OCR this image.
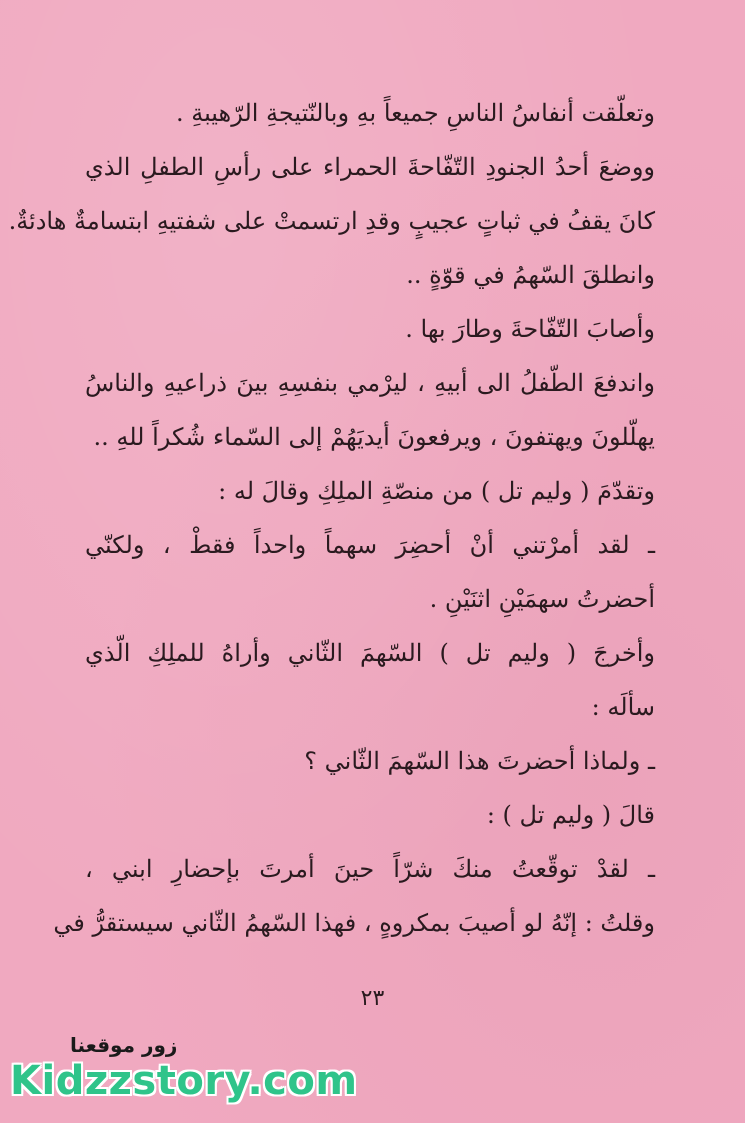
وتعلّقت أنفاسُ الناسِ جميعاً بهِ وبالنّتيجةِ الرّهيبةِ .
ووضعَ أحدُ الجنودِ التّفّاحةَ الحمراء على رأسِ الطفلِ الذي
كانَ يقفُ في ثباتٍ عجيبٍ وقدِ ارتسمتْ على شفتيهِ ابتسامةٌ هادئةٌ.
وانطلقَ السّهمُ في قوّةٍ ..
وأصابَ التّفّاحةَ وطارَ بها .
واندفعَ الطّفلُ الى أبيهِ ، ليرْمي بنفسِهِ بينَ ذراعيهِ والناسُ
يهلّلونَ ويهتفونَ ، ويرفعونَ أيديَهُمْ إلى السّماء شُكراً للهِ ..
وتقدّمَ ( وليم تل ) من منصّةِ الملِكِ وقالَ له :
ـ لقد أمرْتني أنْ أحضِرَ سهماً واحداً فقطْ ، ولكنّي
أحضرتُ سهمَيْنِ اثنَيْنِ .
وأخرجَ ( وليم تل ) السّهمَ الثّاني وأراهُ للملِكِ الّذي
سألَه :
ـ ولماذا أحضرتَ هذا السّهمَ الثّاني ؟
قالَ ( وليم تل ) :
ـ لقدْ توقّعتُ منكَ شرّاً حينَ أمرتَ بإحضارِ ابني ،
وقلتُ : إنّهُ لو أصيبَ بمكروهٍ ، فهذا السّهمُ الثّاني سيستقرُّ في
٢٣
زور موقعنا
Kidzzstory.com
